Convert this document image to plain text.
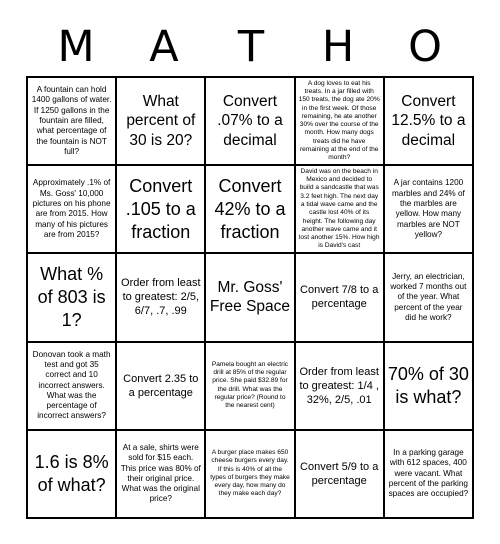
M	A	T	H	O
A fountain can hold 1400 gallons of water. If 1250 gallons in the fountain are filled, what percentage of the fountain is NOT full?
What percent of 30 is 20?
Convert .07% to a decimal
A dog loves to eat his treats. In a jar filled with 150 treats, the dog ate 20% in the first week. Of those remaining, he ate another 30% over the course of the month. How many dogs treats did he have remaining at the end of the month?
Convert 12.5% to a decimal
Approximately .1% of Ms. Goss' 10,000 pictures on his phone are from 2015. How many of his pictures are from 2015?
Convert .105 to a fraction
Convert 42% to a fraction
David was on the beach in Mexico and decided to build a sandcastle that was 3.2 feet high. The next day a tidal wave came and the castle lost 40% of its height. The following day another wave came and it lost another 15%. How high is David's cast
A jar contains 1200 marbles and 24% of the marbles are yellow. How many marbles are NOT yellow?
What % of 803 is 1?
Order from least to greatest: 2/5, 6/7, .7, .99
Mr. Goss' Free Space
Convert 7/8 to a percentage
Jerry, an electrician, worked 7 months out of the year. What percent of the year did he work?
Donovan took a math test and got 35 correct and 10 incorrect answers. What was the percentage of incorrect answers?
Convert 2.35 to a percentage
Pamela bought an electric drill at 85% of the regular price. She paid $32.89 for the drill. What was the regular price? (Round to the nearest cent)
Order from least to greatest: 1/4 , 32%, 2/5, .01
70% of 30 is what?
1.6 is 8% of what?
At a sale, shirts were sold for $15 each. This price was 80% of their original price. What was the original price?
A burger place makes 650 cheese burgers every day. If this is 40% of all the types of burgers they make every day, how many do they make each day?
Convert 5/9 to a percentage
In a parking garage with 612 spaces, 400 were vacant. What percent of the parking spaces are occupied?
